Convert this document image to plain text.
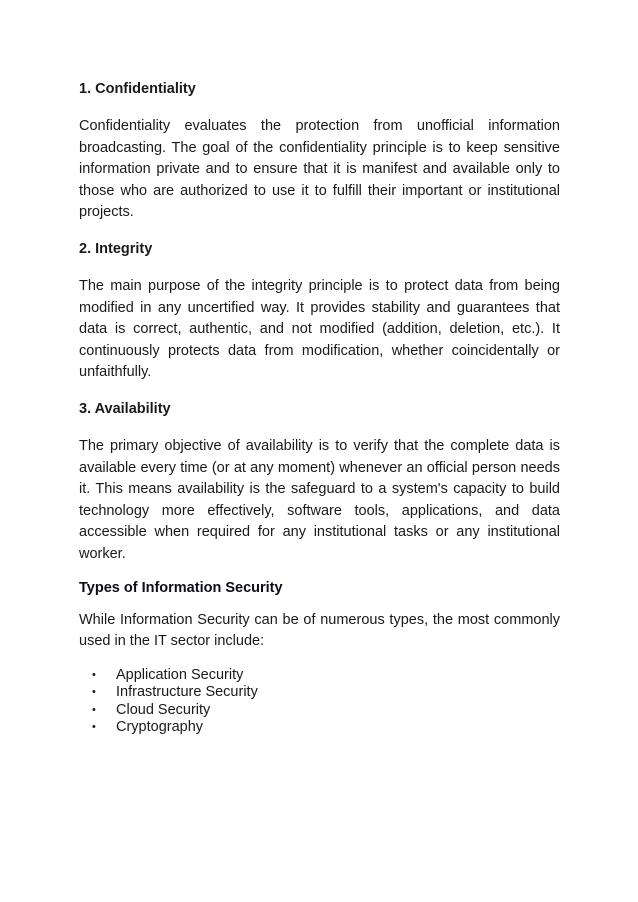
1. Confidentiality

Confidentiality evaluates the protection from unofficial information broadcasting. The goal of the confidentiality principle is to keep sensitive information private and to ensure that it is manifest and available only to those who are authorized to use it to fulfill their important or institutional projects.

2. Integrity

The main purpose of the integrity principle is to protect data from being modified in any uncertified way. It provides stability and guarantees that data is correct, authentic, and not modified (addition, deletion, etc.). It continuously protects data from modification, whether coincidentally or unfaithfully.

3. Availability

The primary objective of availability is to verify that the complete data is available every time (or at any moment) whenever an official person needs it. This means availability is the safeguard to a system's capacity to build technology more effectively, software tools, applications, and data accessible when required for any institutional tasks or any institutional worker.

Types of Information Security

While Information Security can be of numerous types, the most commonly used in the IT sector include:

• Application Security
• Infrastructure Security
• Cloud Security
• Cryptography
